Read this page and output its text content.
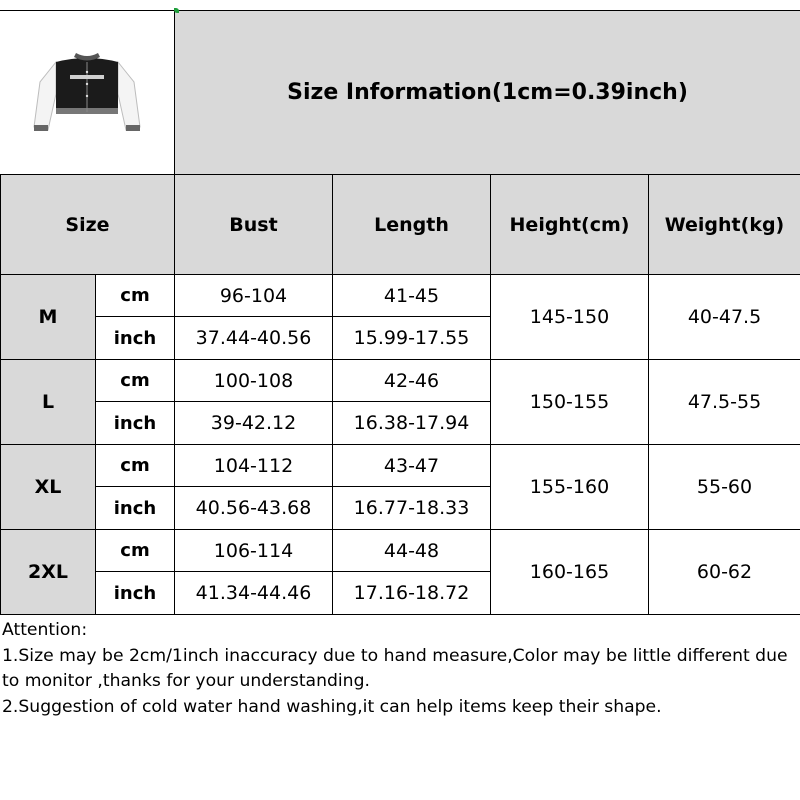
	Size Information(1cm=0.39inch)			
Size		Bust	Length	Height(cm)	Weight(kg)
M	cm	96-104	41-45	145-150	40-47.5
	inch	37.44-40.56	15.99-17.55		
L	cm	100-108	42-46	150-155	47.5-55
	inch	39-42.12	16.38-17.94		
XL	cm	104-112	43-47	155-160	55-60
	inch	40.56-43.68	16.77-18.33		
2XL	cm	106-114	44-48	160-165	60-62
	inch	41.34-44.46	17.16-18.72		
Attention:
1.Size may be 2cm/1inch inaccuracy due to hand measure,Color may be little different due to monitor ,thanks for your understanding.
2.Suggestion of cold water hand washing,it can help items keep their shape.
